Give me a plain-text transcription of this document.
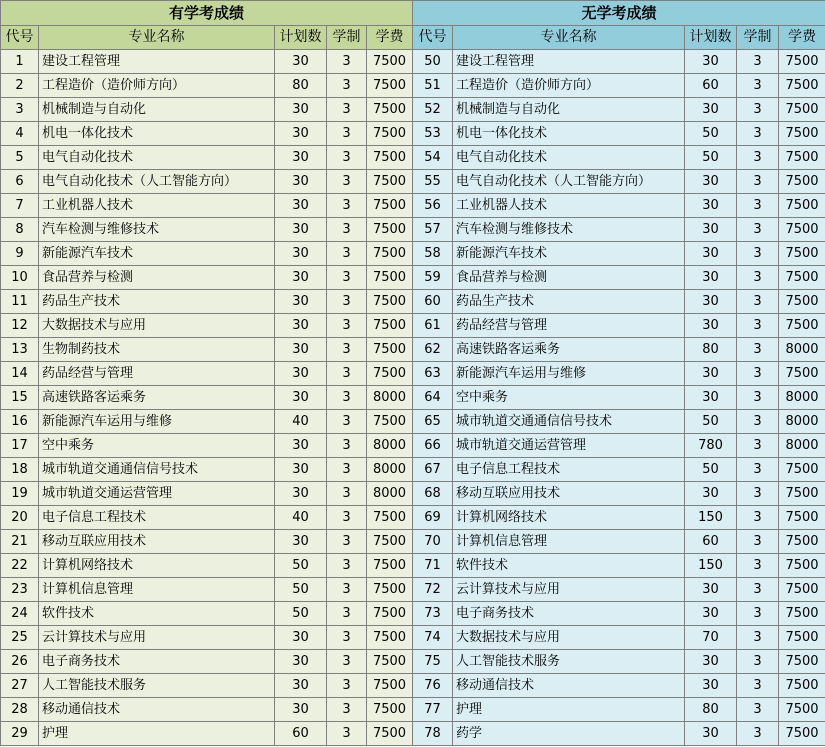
有学考成绩					无学考成绩				
代号	专业名称	计划数	学制	学费	代号	专业名称	计划数	学制	学费
1	建设工程管理	30	3	7500	50	建设工程管理	30	3	7500
2	工程造价（造价师方向）	80	3	7500	51	工程造价（造价师方向）	60	3	7500
3	机械制造与自动化	30	3	7500	52	机械制造与自动化	30	3	7500
4	机电一体化技术	30	3	7500	53	机电一体化技术	50	3	7500
5	电气自动化技术	30	3	7500	54	电气自动化技术	50	3	7500
6	电气自动化技术（人工智能方向）	30	3	7500	55	电气自动化技术（人工智能方向）	30	3	7500
7	工业机器人技术	30	3	7500	56	工业机器人技术	30	3	7500
8	汽车检测与维修技术	30	3	7500	57	汽车检测与维修技术	30	3	7500
9	新能源汽车技术	30	3	7500	58	新能源汽车技术	30	3	7500
10	食品营养与检测	30	3	7500	59	食品营养与检测	30	3	7500
11	药品生产技术	30	3	7500	60	药品生产技术	30	3	7500
12	大数据技术与应用	30	3	7500	61	药品经营与管理	30	3	7500
13	生物制药技术	30	3	7500	62	高速铁路客运乘务	80	3	8000
14	药品经营与管理	30	3	7500	63	新能源汽车运用与维修	30	3	7500
15	高速铁路客运乘务	30	3	8000	64	空中乘务	30	3	8000
16	新能源汽车运用与维修	40	3	7500	65	城市轨道交通通信信号技术	50	3	8000
17	空中乘务	30	3	8000	66	城市轨道交通运营管理	780	3	8000
18	城市轨道交通通信信号技术	30	3	8000	67	电子信息工程技术	50	3	7500
19	城市轨道交通运营管理	30	3	8000	68	移动互联应用技术	30	3	7500
20	电子信息工程技术	40	3	7500	69	计算机网络技术	150	3	7500
21	移动互联应用技术	30	3	7500	70	计算机信息管理	60	3	7500
22	计算机网络技术	50	3	7500	71	软件技术	150	3	7500
23	计算机信息管理	50	3	7500	72	云计算技术与应用	30	3	7500
24	软件技术	50	3	7500	73	电子商务技术	30	3	7500
25	云计算技术与应用	30	3	7500	74	大数据技术与应用	70	3	7500
26	电子商务技术	30	3	7500	75	人工智能技术服务	30	3	7500
27	人工智能技术服务	30	3	7500	76	移动通信技术	30	3	7500
28	移动通信技术	30	3	7500	77	护理	80	3	7500
29	护理	60	3	7500	78	药学	30	3	7500
